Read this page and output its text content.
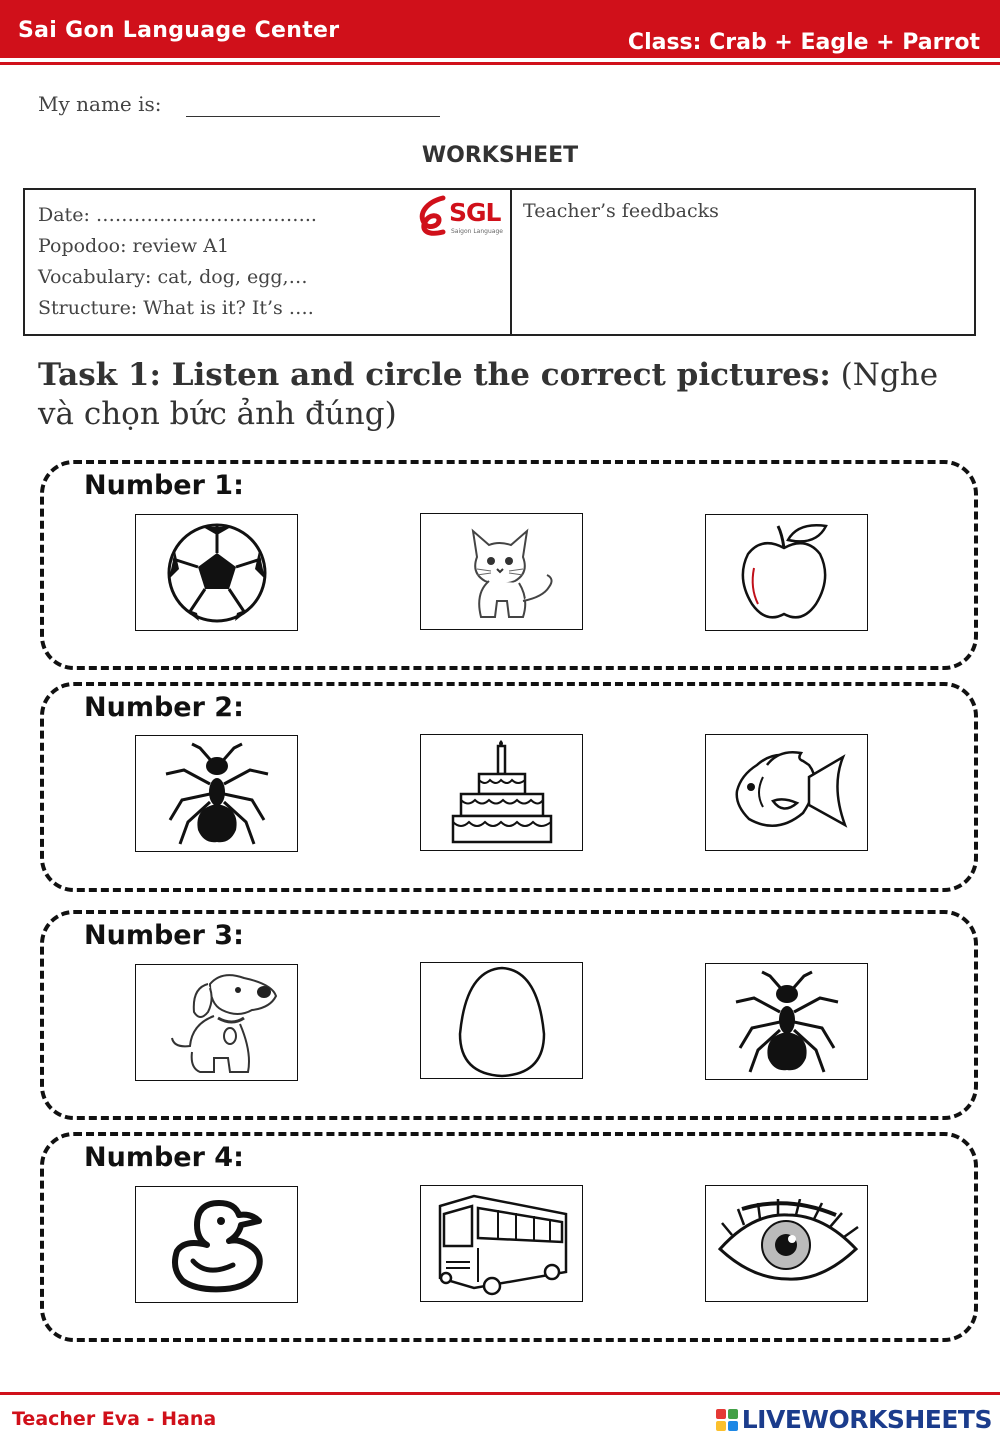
Sai Gon Language Center	Class: Crab + Eagle + Parrot
My name is:
WORKSHEET
Date: ……………………………..
Popodoo: review A1
Vocabulary: cat, dog, egg,…
Structure: What is it? It’s ….
SGL
Saigon Language
Teacher’s feedbacks
Task 1: Listen and circle the correct pictures: (Nghe và chọn bức ảnh đúng)
Number 1:
Number 2:
Number 3:
Number 4:
Teacher Eva - Hana	LIVEWORKSHEETS
